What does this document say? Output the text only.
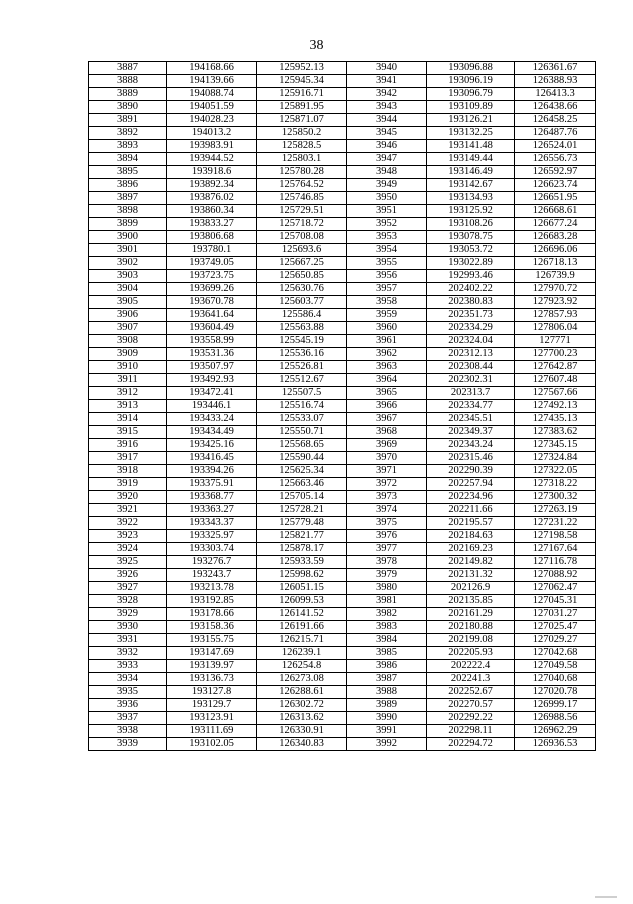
38
3887	194168.66	125952.13	3940	193096.88	126361.67
3888	194139.66	125945.34	3941	193096.19	126388.93
3889	194088.74	125916.71	3942	193096.79	126413.3
3890	194051.59	125891.95	3943	193109.89	126438.66
3891	194028.23	125871.07	3944	193126.21	126458.25
3892	194013.2	125850.2	3945	193132.25	126487.76
3893	193983.91	125828.5	3946	193141.48	126524.01
3894	193944.52	125803.1	3947	193149.44	126556.73
3895	193918.6	125780.28	3948	193146.49	126592.97
3896	193892.34	125764.52	3949	193142.67	126623.74
3897	193876.02	125746.85	3950	193134.93	126651.95
3898	193860.34	125729.51	3951	193125.92	126668.61
3899	193833.27	125718.72	3952	193108.26	126677.24
3900	193806.68	125708.08	3953	193078.75	126683.28
3901	193780.1	125693.6	3954	193053.72	126696.06
3902	193749.05	125667.25	3955	193022.89	126718.13
3903	193723.75	125650.85	3956	192993.46	126739.9
3904	193699.26	125630.76	3957	202402.22	127970.72
3905	193670.78	125603.77	3958	202380.83	127923.92
3906	193641.64	125586.4	3959	202351.73	127857.93
3907	193604.49	125563.88	3960	202334.29	127806.04
3908	193558.99	125545.19	3961	202324.04	127771
3909	193531.36	125536.16	3962	202312.13	127700.23
3910	193507.97	125526.81	3963	202308.44	127642.87
3911	193492.93	125512.67	3964	202302.31	127607.48
3912	193472.41	125507.5	3965	202313.7	127567.66
3913	193446.1	125516.74	3966	202334.77	127492.13
3914	193433.24	125533.07	3967	202345.51	127435.13
3915	193434.49	125550.71	3968	202349.37	127383.62
3916	193425.16	125568.65	3969	202343.24	127345.15
3917	193416.45	125590.44	3970	202315.46	127324.84
3918	193394.26	125625.34	3971	202290.39	127322.05
3919	193375.91	125663.46	3972	202257.94	127318.22
3920	193368.77	125705.14	3973	202234.96	127300.32
3921	193363.27	125728.21	3974	202211.66	127263.19
3922	193343.37	125779.48	3975	202195.57	127231.22
3923	193325.97	125821.77	3976	202184.63	127198.58
3924	193303.74	125878.17	3977	202169.23	127167.64
3925	193276.7	125933.59	3978	202149.82	127116.78
3926	193243.7	125998.62	3979	202131.32	127088.92
3927	193213.78	126051.15	3980	202126.9	127062.47
3928	193192.85	126099.53	3981	202135.85	127045.31
3929	193178.66	126141.52	3982	202161.29	127031.27
3930	193158.36	126191.66	3983	202180.88	127025.47
3931	193155.75	126215.71	3984	202199.08	127029.27
3932	193147.69	126239.1	3985	202205.93	127042.68
3933	193139.97	126254.8	3986	202222.4	127049.58
3934	193136.73	126273.08	3987	202241.3	127040.68
3935	193127.8	126288.61	3988	202252.67	127020.78
3936	193129.7	126302.72	3989	202270.57	126999.17
3937	193123.91	126313.62	3990	202292.22	126988.56
3938	193111.69	126330.91	3991	202298.11	126962.29
3939	193102.05	126340.83	3992	202294.72	126936.53
